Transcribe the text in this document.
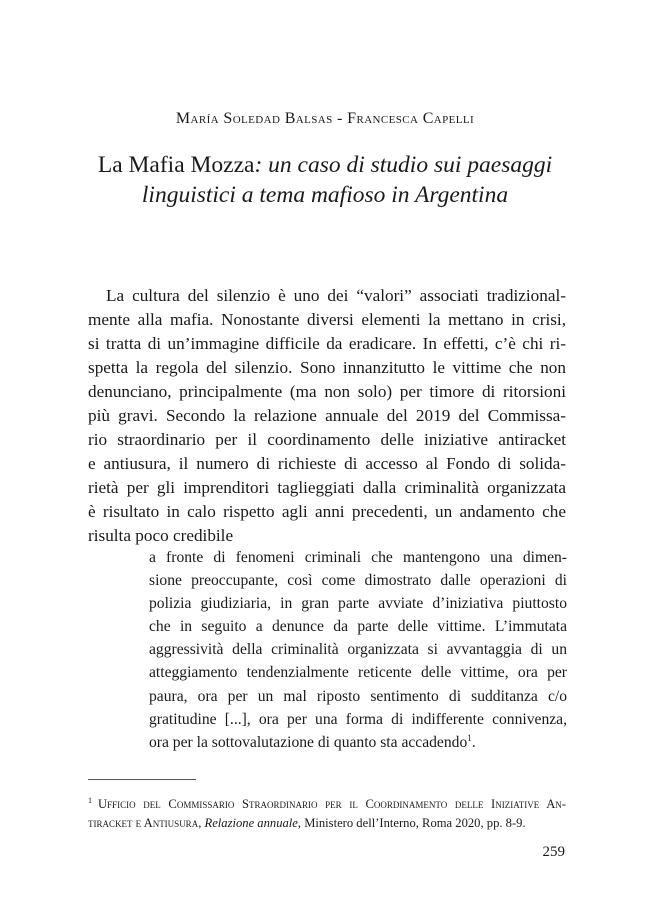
María Soledad Balsas - Francesca Capelli
La Mafia Mozza: un caso di studio sui paesaggi
linguistici a tema mafioso in Argentina
La cultura del silenzio è uno dei “valori” associati tradizional-
mente alla mafia. Nonostante diversi elementi la mettano in crisi,
si tratta di un’immagine difficile da eradicare. In effetti, c’è chi ri-
spetta la regola del silenzio. Sono innanzitutto le vittime che non
denunciano, principalmente (ma non solo) per timore di ritorsioni
più gravi. Secondo la relazione annuale del 2019 del Commissa-
rio straordinario per il coordinamento delle iniziative antiracket
e antiusura, il numero di richieste di accesso al Fondo di solida-
rietà per gli imprenditori taglieggiati dalla criminalità organizzata
è risultato in calo rispetto agli anni precedenti, un andamento che
risulta poco credibile
a fronte di fenomeni criminali che mantengono una dimen-
sione preoccupante, così come dimostrato dalle operazioni di
polizia giudiziaria, in gran parte avviate d’iniziativa piuttosto
che in seguito a denunce da parte delle vittime. L’immutata
aggressività della criminalità organizzata si avvantaggia di un
atteggiamento tendenzialmente reticente delle vittime, ora per
paura, ora per un mal riposto sentimento di sudditanza c/o
gratitudine [...], ora per una forma di indifferente connivenza,
ora per la sottovalutazione di quanto sta accadendo$^1$.
$^1$ Ufficio del Commissario Straordinario per il Coordinamento delle Iniziative An-
tiracket e Antiusura, Relazione annuale, Ministero dell’Interno, Roma 2020, pp. 8-9.
259
